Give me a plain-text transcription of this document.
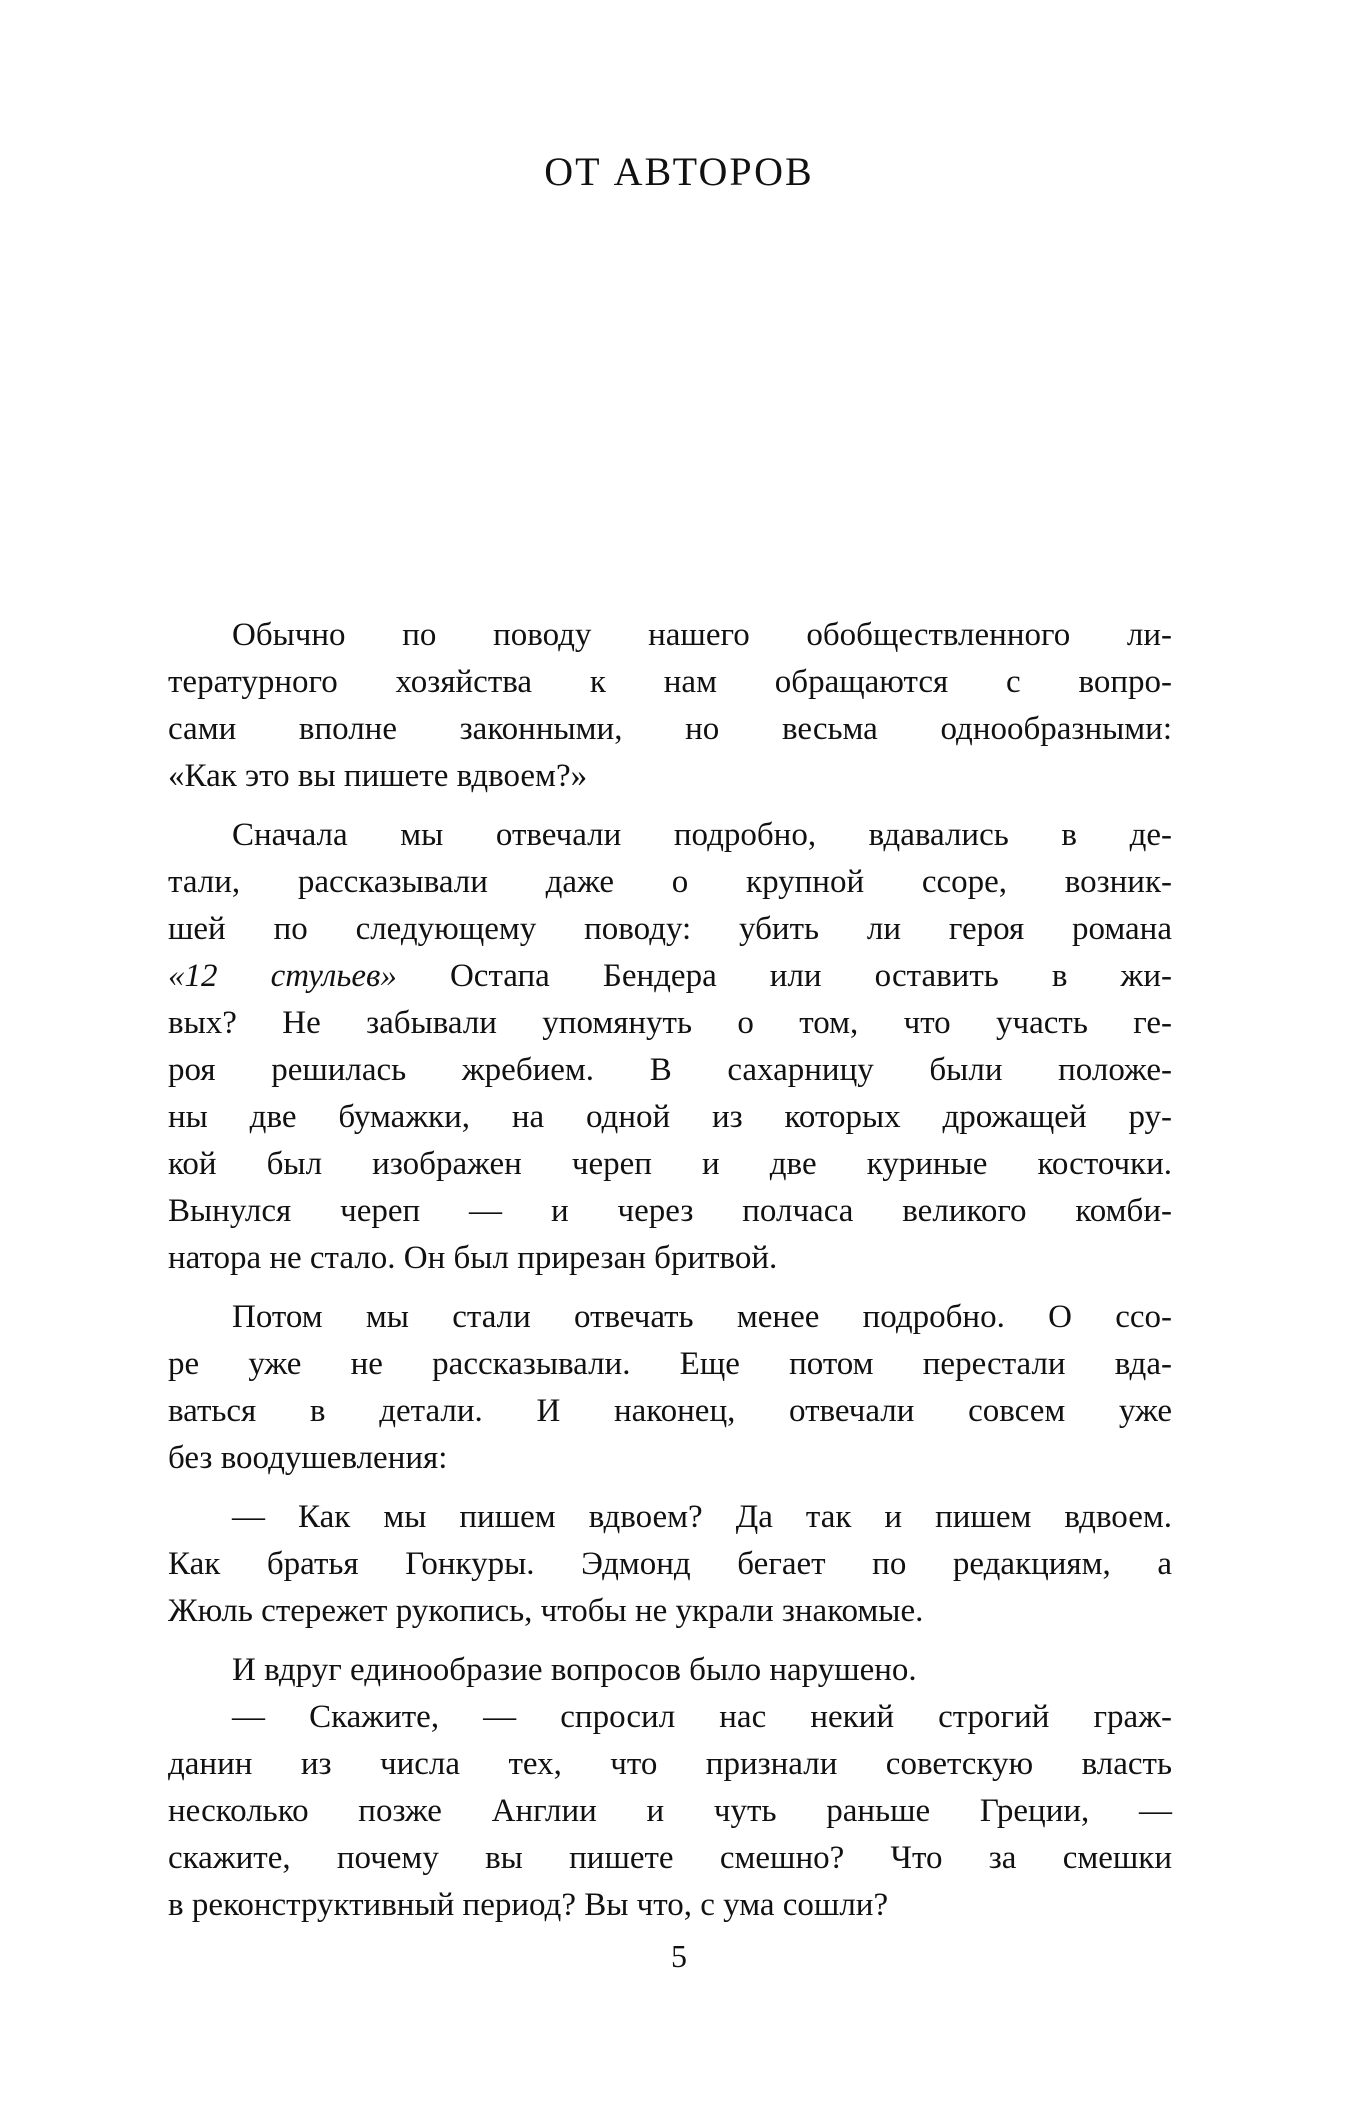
ОТ АВТОРОВ
Обычно по поводу нашего обобществленного ли-
тературного хозяйства к нам обращаются с вопро-
сами вполне законными, но весьма однообразными:
«Как это вы пишете вдвоем?»
Сначала мы отвечали подробно, вдавались в де-
тали, рассказывали даже о крупной ссоре, возник-
шей по следующему поводу: убить ли героя романа
«12 стульев» Остапа Бендера или оставить в жи-
вых? Не забывали упомянуть о том, что участь ге-
роя решилась жребием. В сахарницу были положе-
ны две бумажки, на одной из которых дрожащей ру-
кой был изображен череп и две куриные косточки.
Вынулся череп — и через полчаса великого комби-
натора не стало. Он был прирезан бритвой.
Потом мы стали отвечать менее подробно. О ссо-
ре уже не рассказывали. Еще потом перестали вда-
ваться в детали. И наконец, отвечали совсем уже
без воодушевления:
— Как мы пишем вдвоем? Да так и пишем вдвоем.
Как братья Гонкуры. Эдмонд бегает по редакциям, а
Жюль стережет рукопись, чтобы не украли знакомые.
И вдруг единообразие вопросов было нарушено.
— Скажите, — спросил нас некий строгий граж-
данин из числа тех, что признали советскую власть
несколько позже Англии и чуть раньше Греции, —
скажите, почему вы пишете смешно? Что за смешки
в реконструктивный период? Вы что, с ума сошли?
5
